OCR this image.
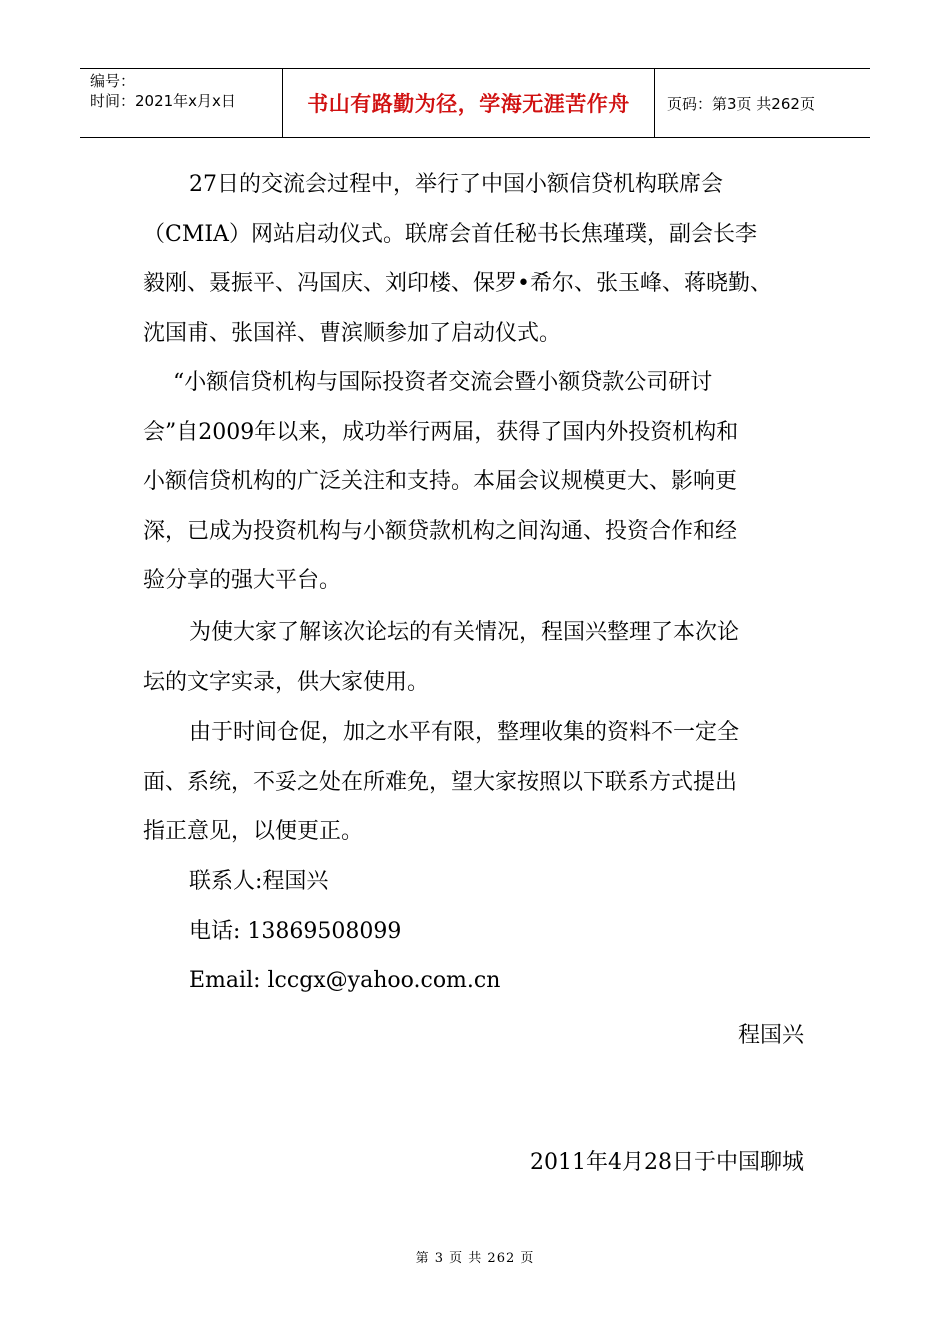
编号：
时间：2021年x月x日	书山有路勤为径，学海无涯苦作舟	页码：第3页 共262页
27日的交流会过程中，举行了中国小额信贷机构联席会
（CMIA）网站启动仪式。联席会首任秘书长焦瑾璞，副会长李
毅刚、聂振平、冯国庆、刘印楼、保罗•希尔、张玉峰、蒋晓勤、
沈国甫、张国祥、曹滨顺参加了启动仪式。
“小额信贷机构与国际投资者交流会暨小额贷款公司研讨
会”自2009年以来，成功举行两届，获得了国内外投资机构和
小额信贷机构的广泛关注和支持。本届会议规模更大、影响更
深，已成为投资机构与小额贷款机构之间沟通、投资合作和经
验分享的强大平台。
为使大家了解该次论坛的有关情况，程国兴整理了本次论
坛的文字实录，供大家使用。
由于时间仓促，加之水平有限，整理收集的资料不一定全
面、系统，不妥之处在所难免，望大家按照以下联系方式提出
指正意见，以便更正。
联系人:程国兴
电话: 13869508099
Email: lccgx@yahoo.com.cn
程国兴
2011年4月28日于中国聊城
第 3 页 共 262 页
